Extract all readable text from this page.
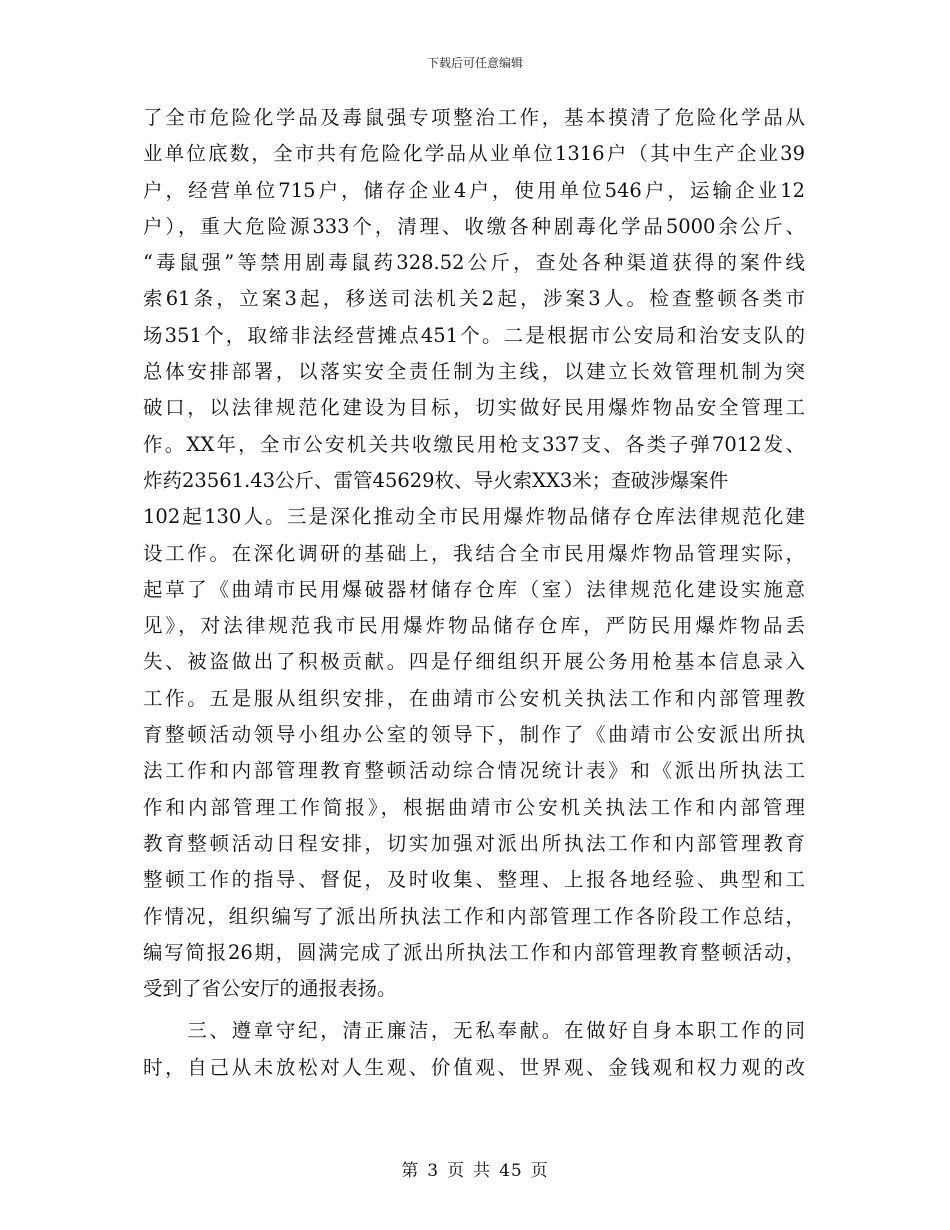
下载后可任意编辑
了全市危险化学品及毒鼠强专项整治工作，基本摸清了危险化学品从
业单位底数，全市共有危险化学品从业单位1316户（其中生产企业39
户，经营单位715户，储存企业4户，使用单位546户，运输企业12
户），重大危险源333个，清理、收缴各种剧毒化学品5000余公斤、
“毒鼠强”等禁用剧毒鼠药328.52公斤，查处各种渠道获得的案件线
索61条，立案3起，移送司法机关2起，涉案3人。检查整顿各类市
场351个，取缔非法经营摊点451个。二是根据市公安局和治安支队的
总体安排部署，以落实安全责任制为主线，以建立长效管理机制为突
破口，以法律规范化建设为目标，切实做好民用爆炸物品安全管理工
作。XX年，全市公安机关共收缴民用枪支337支、各类子弹7012发、
炸药23561.43公斤、雷管45629枚、导火索XX3米；查破涉爆案件
102起130人。三是深化推动全市民用爆炸物品储存仓库法律规范化建
设工作。在深化调研的基础上，我结合全市民用爆炸物品管理实际，
起草了《曲靖市民用爆破器材储存仓库（室）法律规范化建设实施意
见》，对法律规范我市民用爆炸物品储存仓库，严防民用爆炸物品丢
失、被盗做出了积极贡献。四是仔细组织开展公务用枪基本信息录入
工作。五是服从组织安排，在曲靖市公安机关执法工作和内部管理教
育整顿活动领导小组办公室的领导下，制作了《曲靖市公安派出所执
法工作和内部管理教育整顿活动综合情况统计表》和《派出所执法工
作和内部管理工作简报》，根据曲靖市公安机关执法工作和内部管理
教育整顿活动日程安排，切实加强对派出所执法工作和内部管理教育
整顿工作的指导、督促，及时收集、整理、上报各地经验、典型和工
作情况，组织编写了派出所执法工作和内部管理工作各阶段工作总结，
编写简报26期，圆满完成了派出所执法工作和内部管理教育整顿活动，
受到了省公安厅的通报表扬。
　　三、遵章守纪，清正廉洁，无私奉献。在做好自身本职工作的同
时，自己从未放松对人生观、价值观、世界观、金钱观和权力观的改
第 3 页 共 45 页
